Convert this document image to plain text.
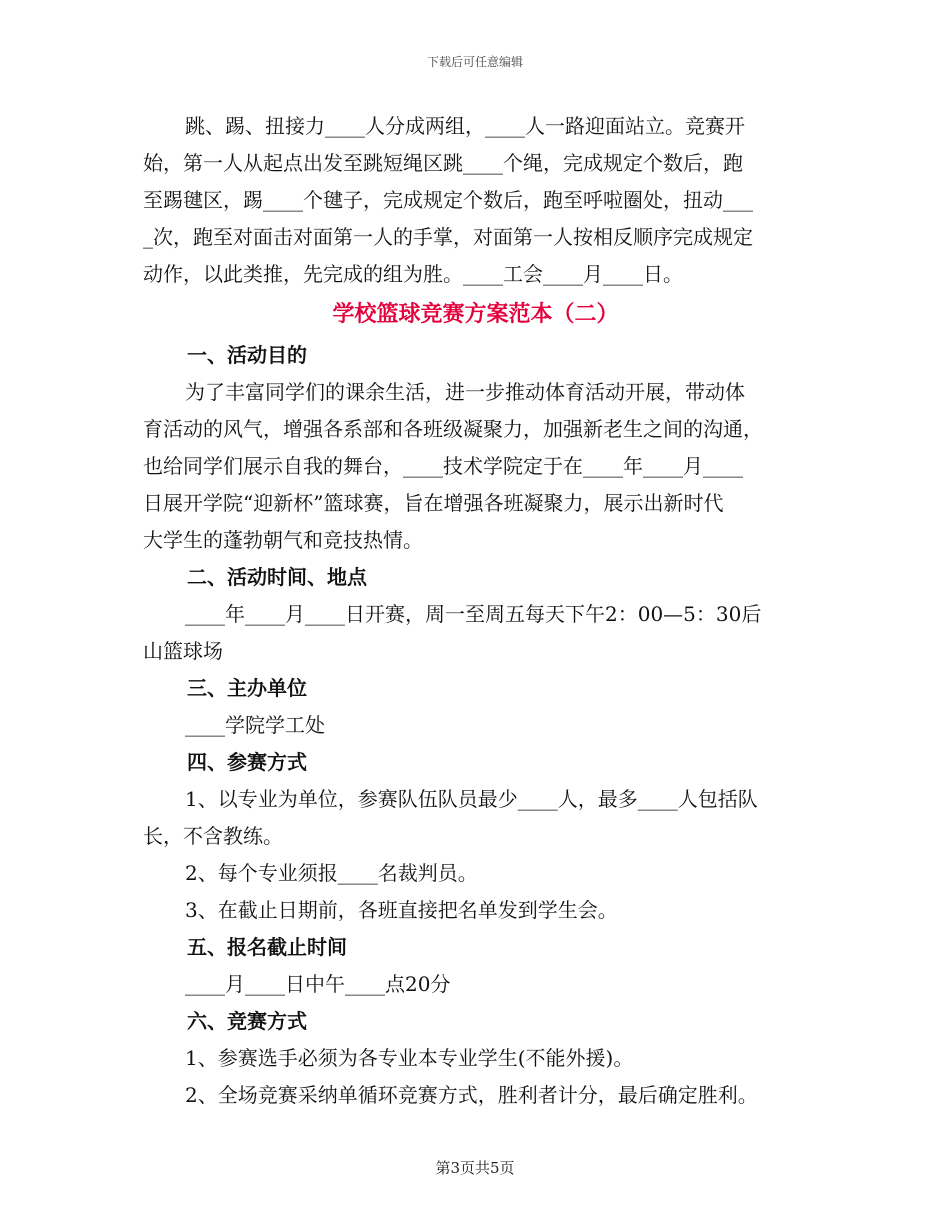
下载后可任意编辑
跳、踢、扭接力____人分成两组，____人一路迎面站立。竞赛开
始，第一人从起点出发至跳短绳区跳____个绳，完成规定个数后，跑
至踢毽区，踢____个毽子，完成规定个数后，跑至呼啦圈处，扭动___
_次，跑至对面击对面第一人的手掌，对面第一人按相反顺序完成规定
动作，以此类推，先完成的组为胜。____工会____月____日。
学校篮球竞赛方案范本（二）
一、活动目的
为了丰富同学们的课余生活，进一步推动体育活动开展，带动体
育活动的风气，增强各系部和各班级凝聚力，加强新老生之间的沟通，
也给同学们展示自我的舞台，____技术学院定于在____年____月____
日展开学院“迎新杯”篮球赛，旨在增强各班凝聚力，展示出新时代
大学生的蓬勃朝气和竞技热情。
二、活动时间、地点
____年____月____日开赛，周一至周五每天下午2：00—5：30后
山篮球场
三、主办单位
____学院学工处
四、参赛方式
1、以专业为单位，参赛队伍队员最少____人，最多____人包括队
长，不含教练。
2、每个专业须报____名裁判员。
3、在截止日期前，各班直接把名单发到学生会。
五、报名截止时间
____月____日中午____点20分
六、竞赛方式
1、参赛选手必须为各专业本专业学生(不能外援)。
2、全场竞赛采纳单循环竞赛方式，胜利者计分，最后确定胜利。
第3页共5页
